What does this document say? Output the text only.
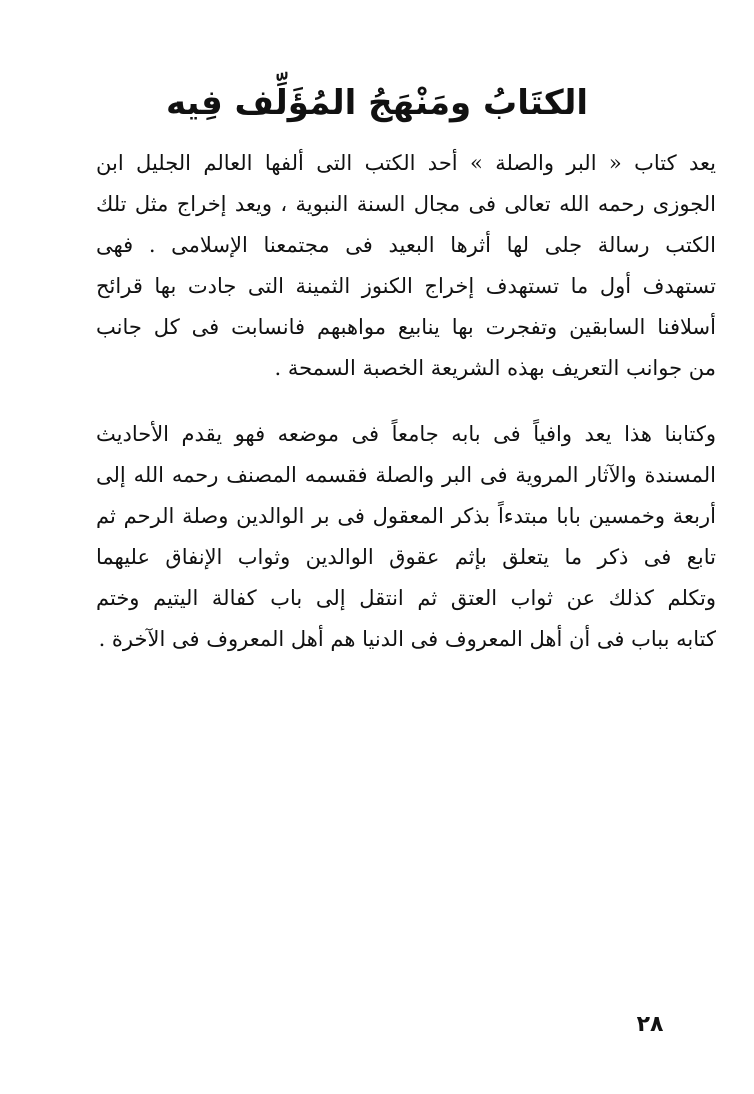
الكتَابُ ومَنْهَجُ المُؤَلِّف فِيه
يعد كتاب « البر والصلة » أحد الكتب التى ألفها العالم الجليل ابن
الجوزى رحمه الله تعالى فى مجال السنة النبوية ، ويعد إخراج مثل تلك
الكتب رسالة جلى لها أثرها البعيد فى مجتمعنا الإسلامى . فهى
تستهدف أول ما تستهدف إخراج الكنوز الثمينة التى جادت بها قرائح
أسلافنا السابقين وتفجرت بها ينابيع مواهبهم فانسابت فى كل جانب
من جوانب التعريف بهذه الشريعة الخصبة السمحة .
وكتابنا هذا يعد وافياً فى بابه جامعاً فى موضعه فهو يقدم الأحاديث
المسندة والآثار المروية فى البر والصلة فقسمه المصنف رحمه الله إلى
أربعة وخمسين بابا مبتدءاً بذكر المعقول فى بر الوالدين وصلة الرحم ثم
تابع فى ذكر ما يتعلق بإثم عقوق الوالدين وثواب الإنفاق عليهما
وتكلم كذلك عن ثواب العتق ثم انتقل إلى باب كفالة اليتيم وختم
كتابه بباب فى أن أهل المعروف فى الدنيا هم أهل المعروف فى الآخرة .
٢٨
